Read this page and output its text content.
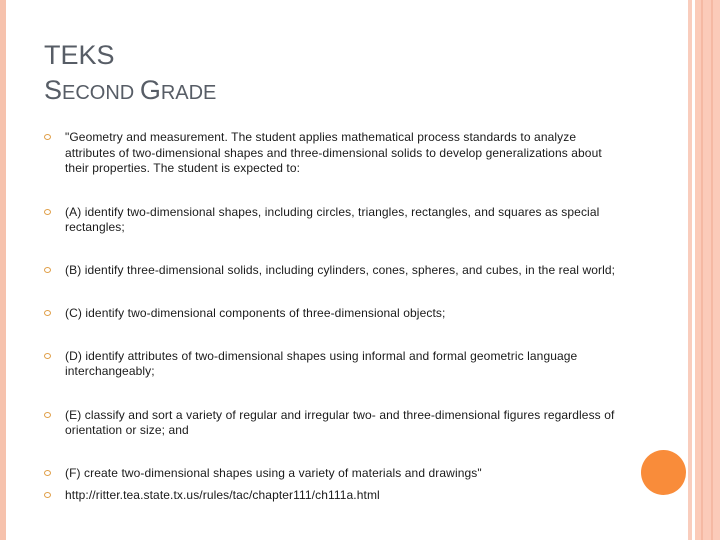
TEKS
SECOND GRADE
"Geometry and measurement. The student applies mathematical process standards to analyze attributes of two-dimensional shapes and three-dimensional solids to develop generalizations about their properties. The student is expected to:
(A) identify two-dimensional shapes, including circles, triangles, rectangles, and squares as special rectangles;
(B) identify three-dimensional solids, including cylinders, cones, spheres, and cubes, in the real world;
(C) identify two-dimensional components of three-dimensional objects;
(D) identify attributes of two-dimensional shapes using informal and formal geometric language interchangeably;
(E) classify and sort a variety of regular and irregular two- and three-dimensional figures regardless of orientation or size; and
(F) create two-dimensional shapes using a variety of materials and drawings"
http://ritter.tea.state.tx.us/rules/tac/chapter111/ch111a.html
